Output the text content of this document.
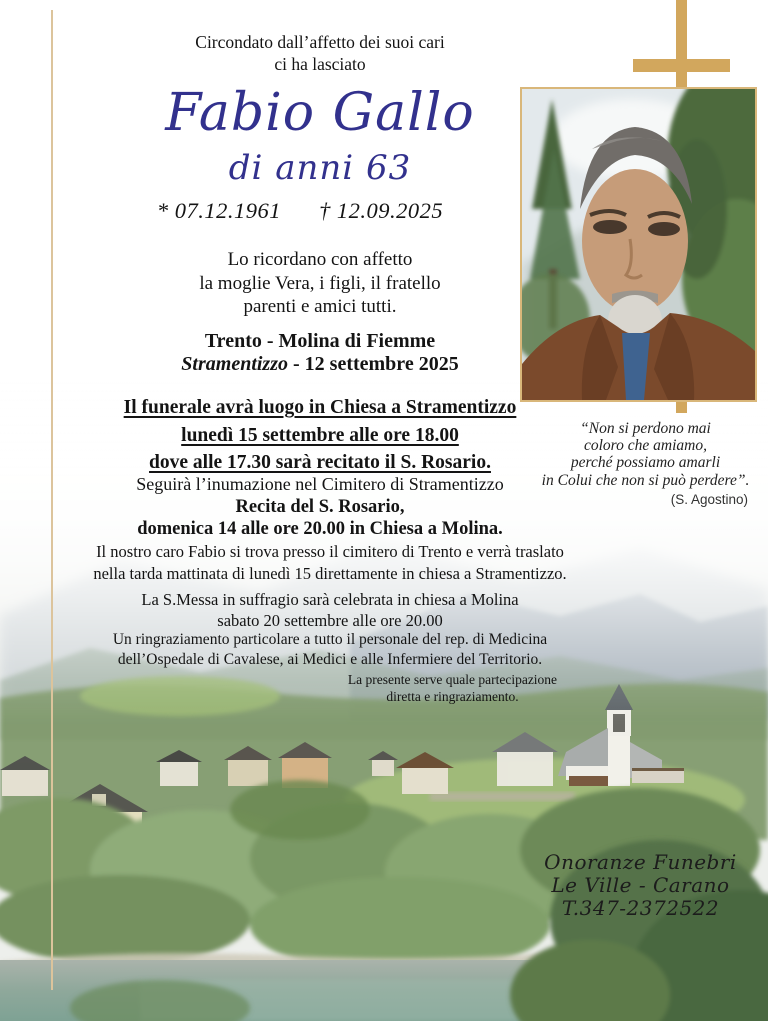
Circondato dall’affetto dei suoi cari
ci ha lasciato
Fabio Gallo
di anni 63
* 07.12.1961 † 12.09.2025
Lo ricordano con affetto
la moglie Vera, i figli, il fratello
parenti e amici tutti.
Trento - Molina di Fiemme
Stramentizzo - 12 settembre 2025
Il funerale avrà luogo in Chiesa a Stramentizzo
lunedì 15 settembre alle ore 18.00
dove alle 17.30 sarà recitato il S. Rosario.
Seguirà l’inumazione nel Cimitero di Stramentizzo
Recita del S. Rosario,
domenica 14 alle ore 20.00 in Chiesa a Molina.
Il nostro caro Fabio si trova presso il cimitero di Trento e verrà traslato
nella tarda mattinata di lunedì 15 direttamente in chiesa a Stramentizzo.
La S.Messa in suffragio sarà celebrata in chiesa a Molina
sabato 20 settembre alle ore 20.00
Un ringraziamento particolare a tutto il personale del rep. di Medicina
dell’Ospedale di Cavalese, ai Medici e alle Infermiere del Territorio.
La presente serve quale partecipazione
diretta e ringraziamento.
“Non si perdono mai
coloro che amiamo,
perché possiamo amarli
in Colui che non si può perdere”.
(S. Agostino)
Onoranze Funebri
Le Ville - Carano
T.347-2372522
